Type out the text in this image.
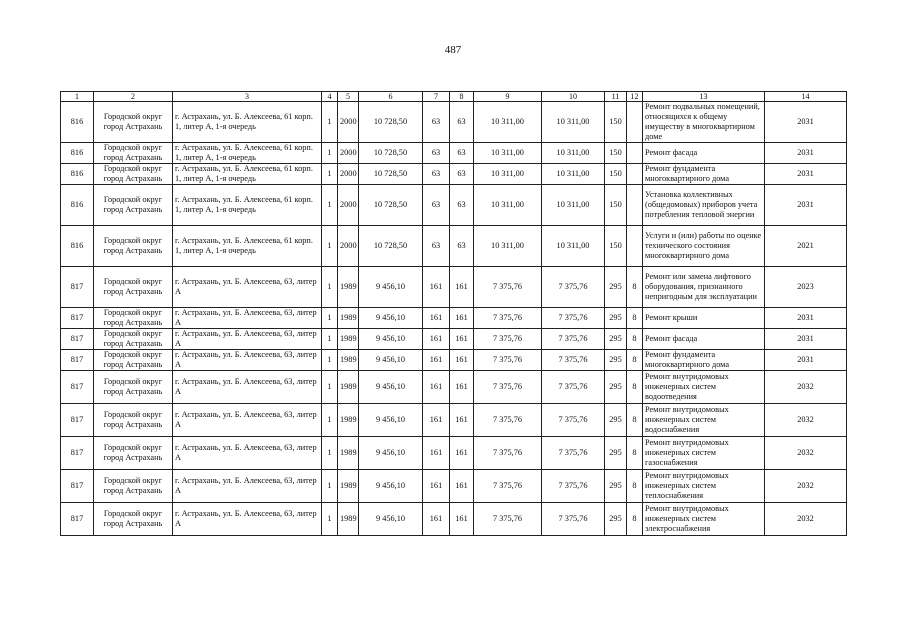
487
1	2	3	4	5	6	7	8	9	10	11	12	13	14
816	Городской округ город Астрахань	г. Астрахань, ул. Б. Алексеева, 61 корп. 1, литер А, 1-я очередь	1	2000	10 728,50	63	63	10 311,00	10 311,00	150		Ремонт подвальных помещений, относящихся к общему имуществу в многоквартирном доме	2031
816	Городской округ город Астрахань	г. Астрахань, ул. Б. Алексеева, 61 корп. 1, литер А, 1-я очередь	1	2000	10 728,50	63	63	10 311,00	10 311,00	150		Ремонт фасада	2031
816	Городской округ город Астрахань	г. Астрахань, ул. Б. Алексеева, 61 корп. 1, литер А, 1-я очередь	1	2000	10 728,50	63	63	10 311,00	10 311,00	150		Ремонт фундамента многоквартирного дома	2031
816	Городской округ город Астрахань	г. Астрахань, ул. Б. Алексеева, 61 корп. 1, литер А, 1-я очередь	1	2000	10 728,50	63	63	10 311,00	10 311,00	150		Установка коллективных (общедомовых) приборов учета потребления тепловой энергии	2031
816	Городской округ город Астрахань	г. Астрахань, ул. Б. Алексеева, 61 корп. 1, литер А, 1-я очередь	1	2000	10 728,50	63	63	10 311,00	10 311,00	150		Услуги и (или) работы по оценке технического состояния многоквартирного дома	2021
817	Городской округ город Астрахань	г. Астрахань, ул. Б. Алексеева, 63, литер А	1	1989	9 456,10	161	161	7 375,76	7 375,76	295	8	Ремонт или замена лифтового оборудования, признанного непригодным для эксплуатации	2023
817	Городской округ город Астрахань	г. Астрахань, ул. Б. Алексеева, 63, литер А	1	1989	9 456,10	161	161	7 375,76	7 375,76	295	8	Ремонт крыши	2031
817	Городской округ город Астрахань	г. Астрахань, ул. Б. Алексеева, 63, литер А	1	1989	9 456,10	161	161	7 375,76	7 375,76	295	8	Ремонт фасада	2031
817	Городской округ город Астрахань	г. Астрахань, ул. Б. Алексеева, 63, литер А	1	1989	9 456,10	161	161	7 375,76	7 375,76	295	8	Ремонт фундамента многоквартирного дома	2031
817	Городской округ город Астрахань	г. Астрахань, ул. Б. Алексеева, 63, литер А	1	1989	9 456,10	161	161	7 375,76	7 375,76	295	8	Ремонт внутридомовых инженерных систем водоотведения	2032
817	Городской округ город Астрахань	г. Астрахань, ул. Б. Алексеева, 63, литер А	1	1989	9 456,10	161	161	7 375,76	7 375,76	295	8	Ремонт внутридомовых инженерных систем водоснабжения	2032
817	Городской округ город Астрахань	г. Астрахань, ул. Б. Алексеева, 63, литер А	1	1989	9 456,10	161	161	7 375,76	7 375,76	295	8	Ремонт внутридомовых инженерных систем газоснабжения	2032
817	Городской округ город Астрахань	г. Астрахань, ул. Б. Алексеева, 63, литер А	1	1989	9 456,10	161	161	7 375,76	7 375,76	295	8	Ремонт внутридомовых инженерных систем теплоснабжения	2032
817	Городской округ город Астрахань	г. Астрахань, ул. Б. Алексеева, 63, литер А	1	1989	9 456,10	161	161	7 375,76	7 375,76	295	8	Ремонт внутридомовых инженерных систем электроснабжения	2032
